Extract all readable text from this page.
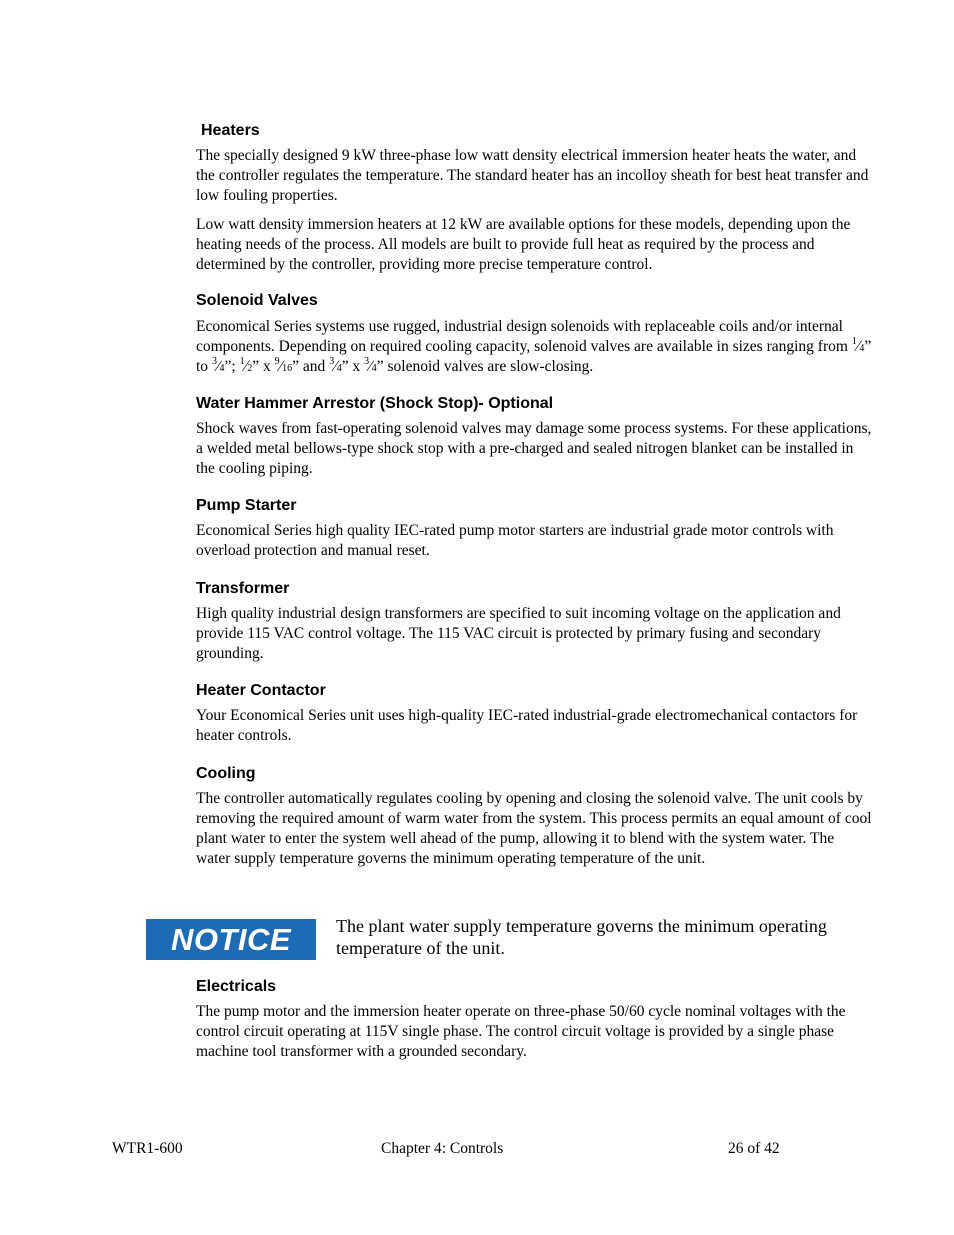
Heaters

The specially designed 9 kW three-phase low watt density electrical immersion heater heats the water, and the controller regulates the temperature. The standard heater has an incolloy sheath for best heat transfer and low fouling properties.

Low watt density immersion heaters at 12 kW are available options for these models, depending upon the heating needs of the process. All models are built to provide full heat as required by the process and determined by the controller, providing more precise temperature control.

Solenoid Valves

Economical Series systems use rugged, industrial design solenoids with replaceable coils and/or internal components. Depending on required cooling capacity, solenoid valves are available in sizes ranging from $^1$⁄4” to $^3$⁄4”; $^1$⁄2” x $^9$⁄16” and $^3$⁄4” x $^3$⁄4” solenoid valves are slow-closing.

Water Hammer Arrestor (Shock Stop)- Optional

Shock waves from fast-operating solenoid valves may damage some process systems. For these applications, a welded metal bellows-type shock stop with a pre-charged and sealed nitrogen blanket can be installed in the cooling piping.

Pump Starter

Economical Series high quality IEC-rated pump motor starters are industrial grade motor controls with overload protection and manual reset.

Transformer

High quality industrial design transformers are specified to suit incoming voltage on the application and provide 115 VAC control voltage. The 115 VAC circuit is protected by primary fusing and secondary grounding.

Heater Contactor

Your Economical Series unit uses high-quality IEC-rated industrial-grade electromechanical contactors for heater controls.

Cooling

The controller automatically regulates cooling by opening and closing the solenoid valve. The unit cools by removing the required amount of warm water from the system. This process permits an equal amount of cool plant water to enter the system well ahead of the pump, allowing it to blend with the system water. The water supply temperature governs the minimum operating temperature of the unit.

NOTICE The plant water supply temperature governs the minimum operating temperature of the unit.
Electricals

The pump motor and the immersion heater operate on three-phase 50/60 cycle nominal voltages with the control circuit operating at 115V single phase. The control circuit voltage is provided by a single phase machine tool transformer with a grounded secondary.

WTR1-600	Chapter 4: Controls	26 of 42
